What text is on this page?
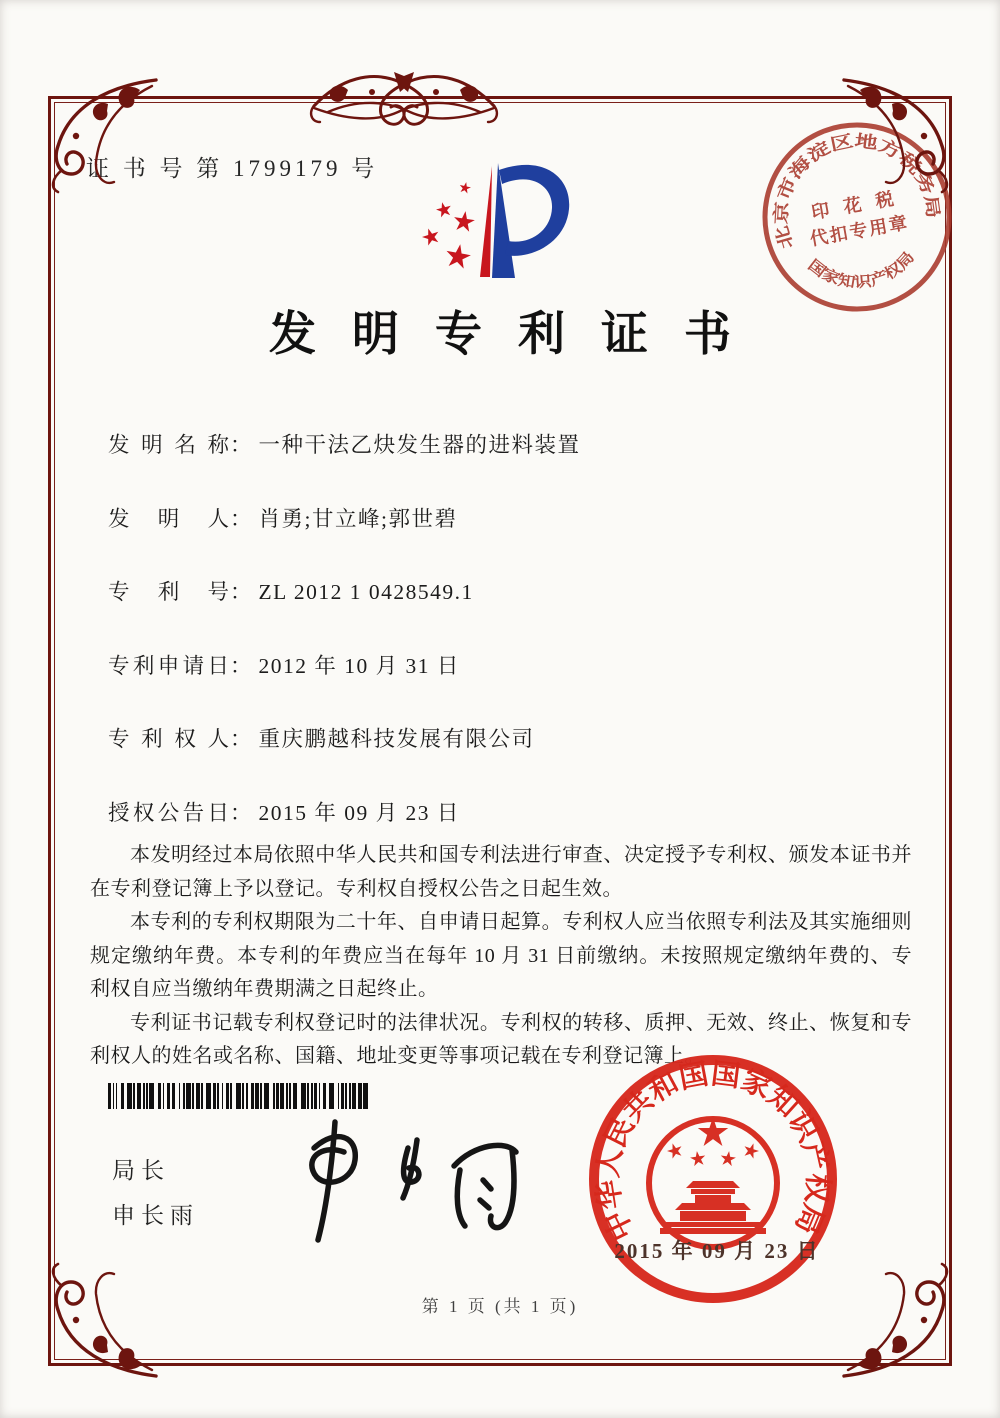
证 书 号 第 1799179 号
北京市海淀区地方税务局
国家知识产权局
印 花 税
代扣专用章
发明专利证书
发明名称： 一种干法乙炔发生器的进料装置
发明人： 肖勇;甘立峰;郭世碧
专利号： ZL 2012 1 0428549.1
专利申请日： 2012 年 10 月 31 日
专利权人： 重庆鹏越科技发展有限公司
授权公告日： 2015 年 09 月 23 日

本发明经过本局依照中华人民共和国专利法进行审查、决定授予专利权、颁发本证书并在专利登记簿上予以登记。专利权自授权公告之日起生效。

本专利的专利权期限为二十年、自申请日起算。专利权人应当依照专利法及其实施细则规定缴纳年费。本专利的年费应当在每年 10 月 31 日前缴纳。未按照规定缴纳年费的、专利权自应当缴纳年费期满之日起终止。

专利证书记载专利权登记时的法律状况。专利权的转移、质押、无效、终止、恢复和专利权人的姓名或名称、国籍、地址变更等事项记载在专利登记簿上。

局长
申长雨	中华人民共和国国家知识产权局
2015 年 09 月 23 日
第 1 页 (共 1 页)
